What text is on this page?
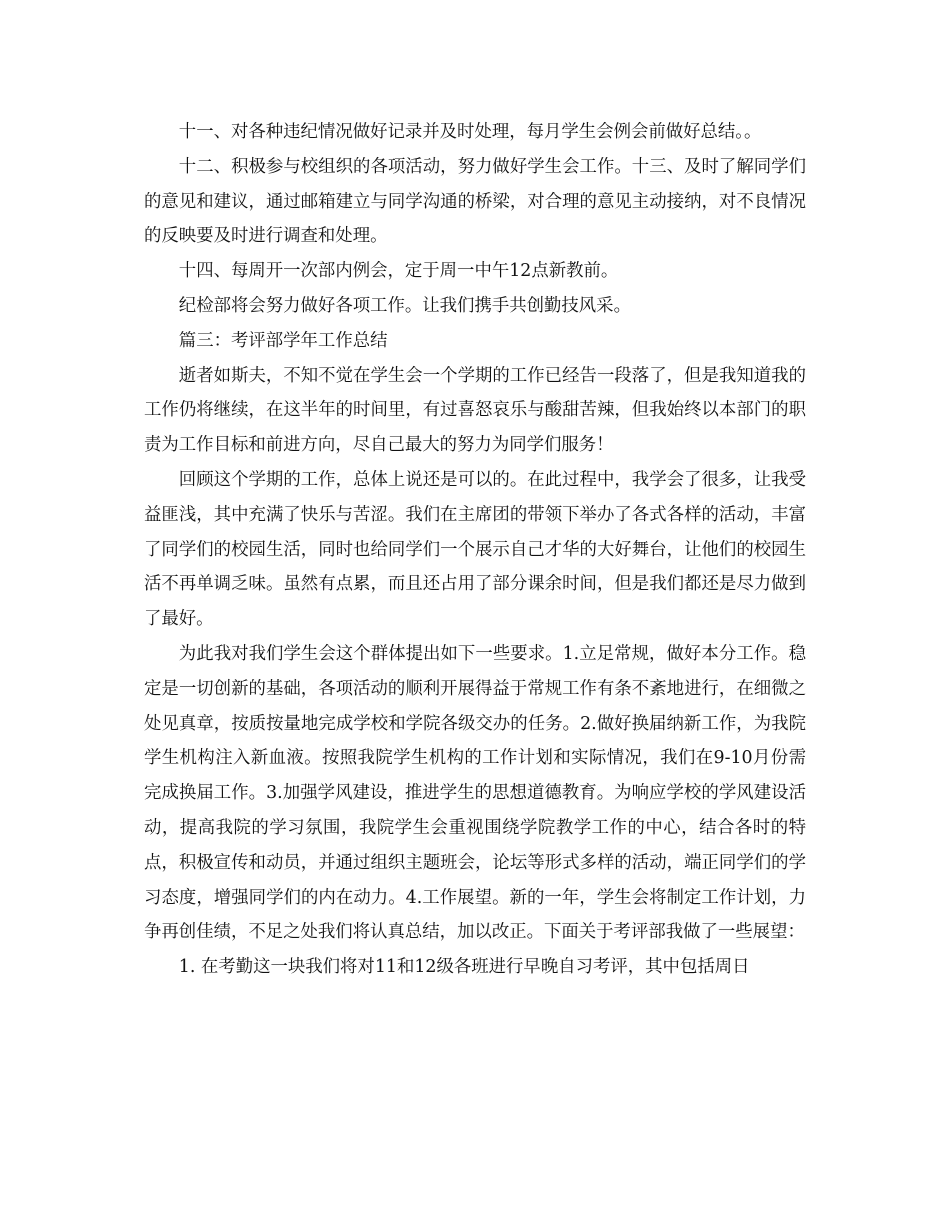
十一、对各种违纪情况做好记录并及时处理，每月学生会例会前做好总结。。

十二、积极参与校组织的各项活动，努力做好学生会工作。十三、及时了解同学们的意见和建议，通过邮箱建立与同学沟通的桥梁，对合理的意见主动接纳，对不良情况的反映要及时进行调查和处理。

十四、每周开一次部内例会，定于周一中午12点新教前。

纪检部将会努力做好各项工作。让我们携手共创勤技风采。

篇三：考评部学年工作总结

逝者如斯夫，不知不觉在学生会一个学期的工作已经告一段落了，但是我知道我的工作仍将继续，在这半年的时间里，有过喜怒哀乐与酸甜苦辣，但我始终以本部门的职责为工作目标和前进方向，尽自己最大的努力为同学们服务！

回顾这个学期的工作，总体上说还是可以的。在此过程中，我学会了很多，让我受益匪浅，其中充满了快乐与苦涩。我们在主席团的带领下举办了各式各样的活动，丰富了同学们的校园生活，同时也给同学们一个展示自己才华的大好舞台，让他们的校园生活不再单调乏味。虽然有点累，而且还占用了部分课余时间，但是我们都还是尽力做到了最好。

为此我对我们学生会这个群体提出如下一些要求。1.立足常规，做好本分工作。稳定是一切创新的基础，各项活动的顺利开展得益于常规工作有条不紊地进行，在细微之处见真章，按质按量地完成学校和学院各级交办的任务。2.做好换届纳新工作，为我院学生机构注入新血液。按照我院学生机构的工作计划和实际情况，我们在9-10月份需完成换届工作。3.加强学风建设，推进学生的思想道德教育。为响应学校的学风建设活动，提高我院的学习氛围，我院学生会重视围绕学院教学工作的中心，结合各时的特点，积极宣传和动员，并通过组织主题班会，论坛等形式多样的活动，端正同学们的学习态度，增强同学们的内在动力。4.工作展望。新的一年，学生会将制定工作计划，力争再创佳绩，不足之处我们将认真总结，加以改正。下面关于考评部我做了一些展望：

1. 在考勤这一块我们将对11和12级各班进行早晚自习考评，其中包括周日
